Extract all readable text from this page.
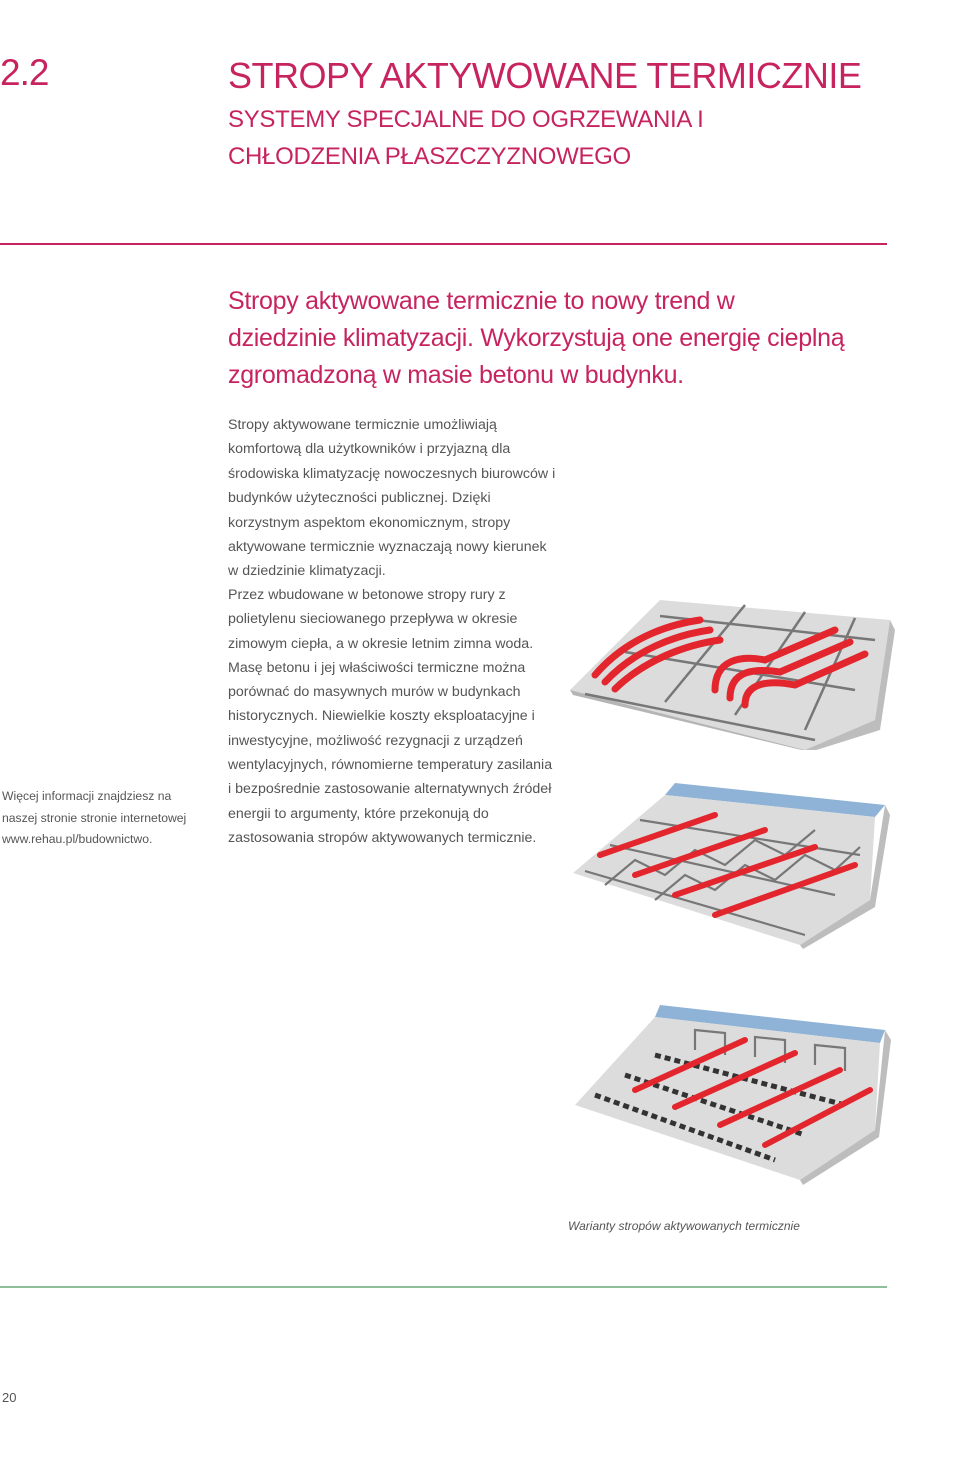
2.2	STROPY AKTYWOWANE TERMICZNIE
SYSTEMY SPECJALNE DO OGRZEWANIA I CHŁODZENIA PŁASZCZYZNOWEGO
Stropy aktywowane termicznie to nowy trend w dziedzinie klimatyzacji. Wykorzystują one energię cieplną zgromadzoną w masie betonu w budynku.
Stropy aktywowane termicznie umożliwiają komfortową dla użytkowników i przyjazną dla środowiska klimatyzację nowoczesnych biurowców i budynków użyteczności publicznej. Dzięki korzystnym aspektom ekonomicznym, stropy aktywowane termicznie wyznaczają nowy kierunek w dziedzinie klimatyzacji.
Przez wbudowane w betonowe stropy rury z polietylenu sieciowanego przepływa w okresie zimowym ciepła, a w okresie letnim zimna woda. Masę betonu i jej właściwości termiczne można porównać do masywnych murów w budynkach historycznych. Niewielkie koszty eksploatacyjne i inwestycyjne, możliwość rezygnacji z urządzeń wentylacyjnych, równomierne temperatury zasilania i bezpośrednie zastosowanie alternatywnych źródeł energii to argumenty, które przekonują do zastosowania stropów aktywowanych termicznie.
Więcej informacji znajdziesz na naszej stronie stronie internetowej www.rehau.pl/budownictwo.
Warianty stropów aktywowanych termicznie
20
